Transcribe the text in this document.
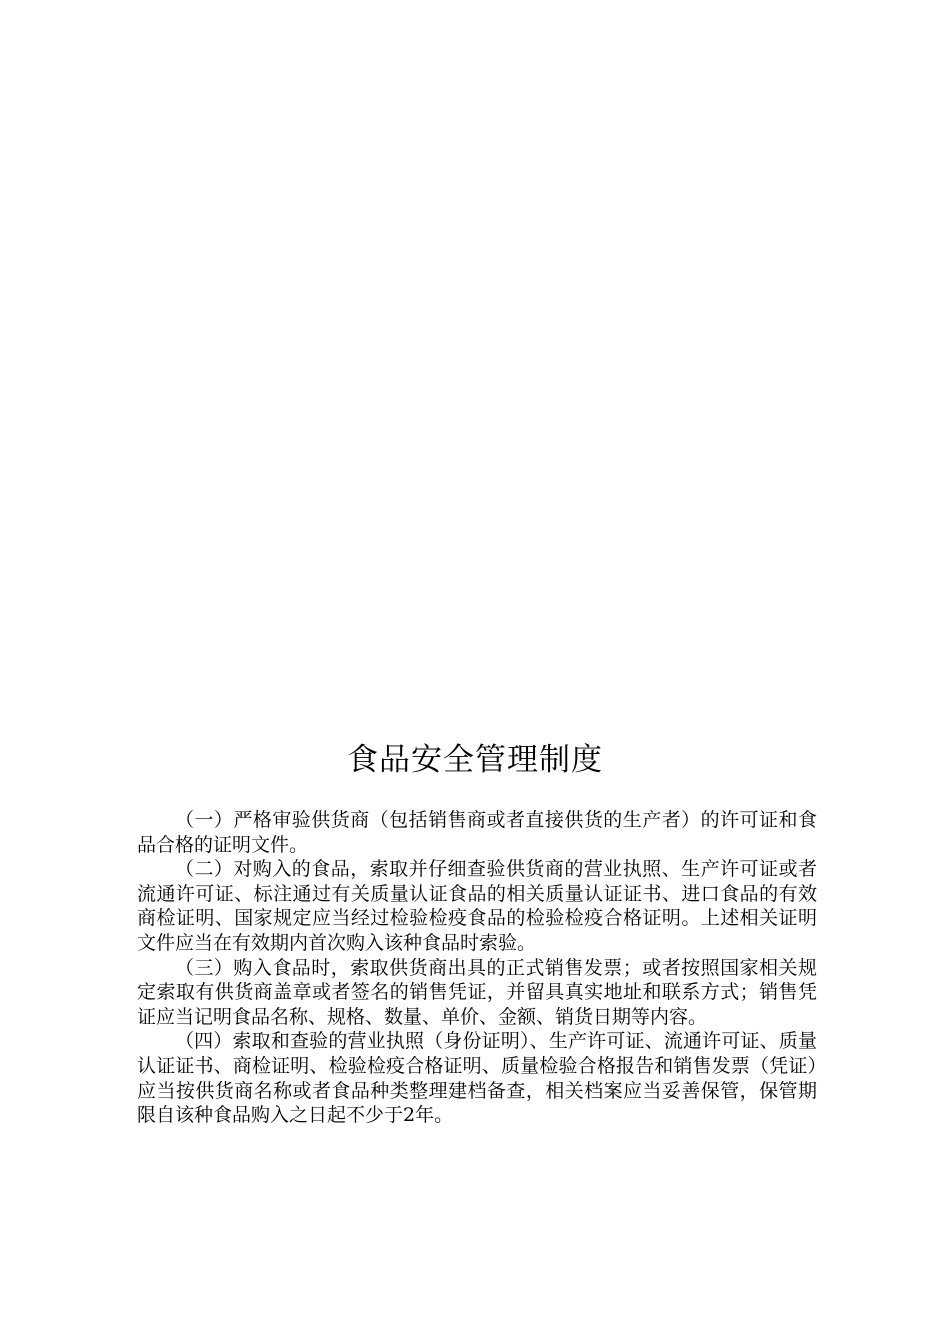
食品安全管理制度

（一）严格审验供货商（包括销售商或者直接供货的生产者）的许可证和食品合格的证明文件。

（二）对购入的食品，索取并仔细查验供货商的营业执照、生产许可证或者流通许可证、标注通过有关质量认证食品的相关质量认证证书、进口食品的有效商检证明、国家规定应当经过检验检疫食品的检验检疫合格证明。上述相关证明文件应当在有效期内首次购入该种食品时索验。

（三）购入食品时，索取供货商出具的正式销售发票；或者按照国家相关规定索取有供货商盖章或者签名的销售凭证，并留具真实地址和联系方式；销售凭证应当记明食品名称、规格、数量、单价、金额、销货日期等内容。

（四）索取和查验的营业执照（身份证明）、生产许可证、流通许可证、质量认证证书、商检证明、检验检疫合格证明、质量检验合格报告和销售发票（凭证）应当按供货商名称或者食品种类整理建档备查，相关档案应当妥善保管，保管期限自该种食品购入之日起不少于2年。
